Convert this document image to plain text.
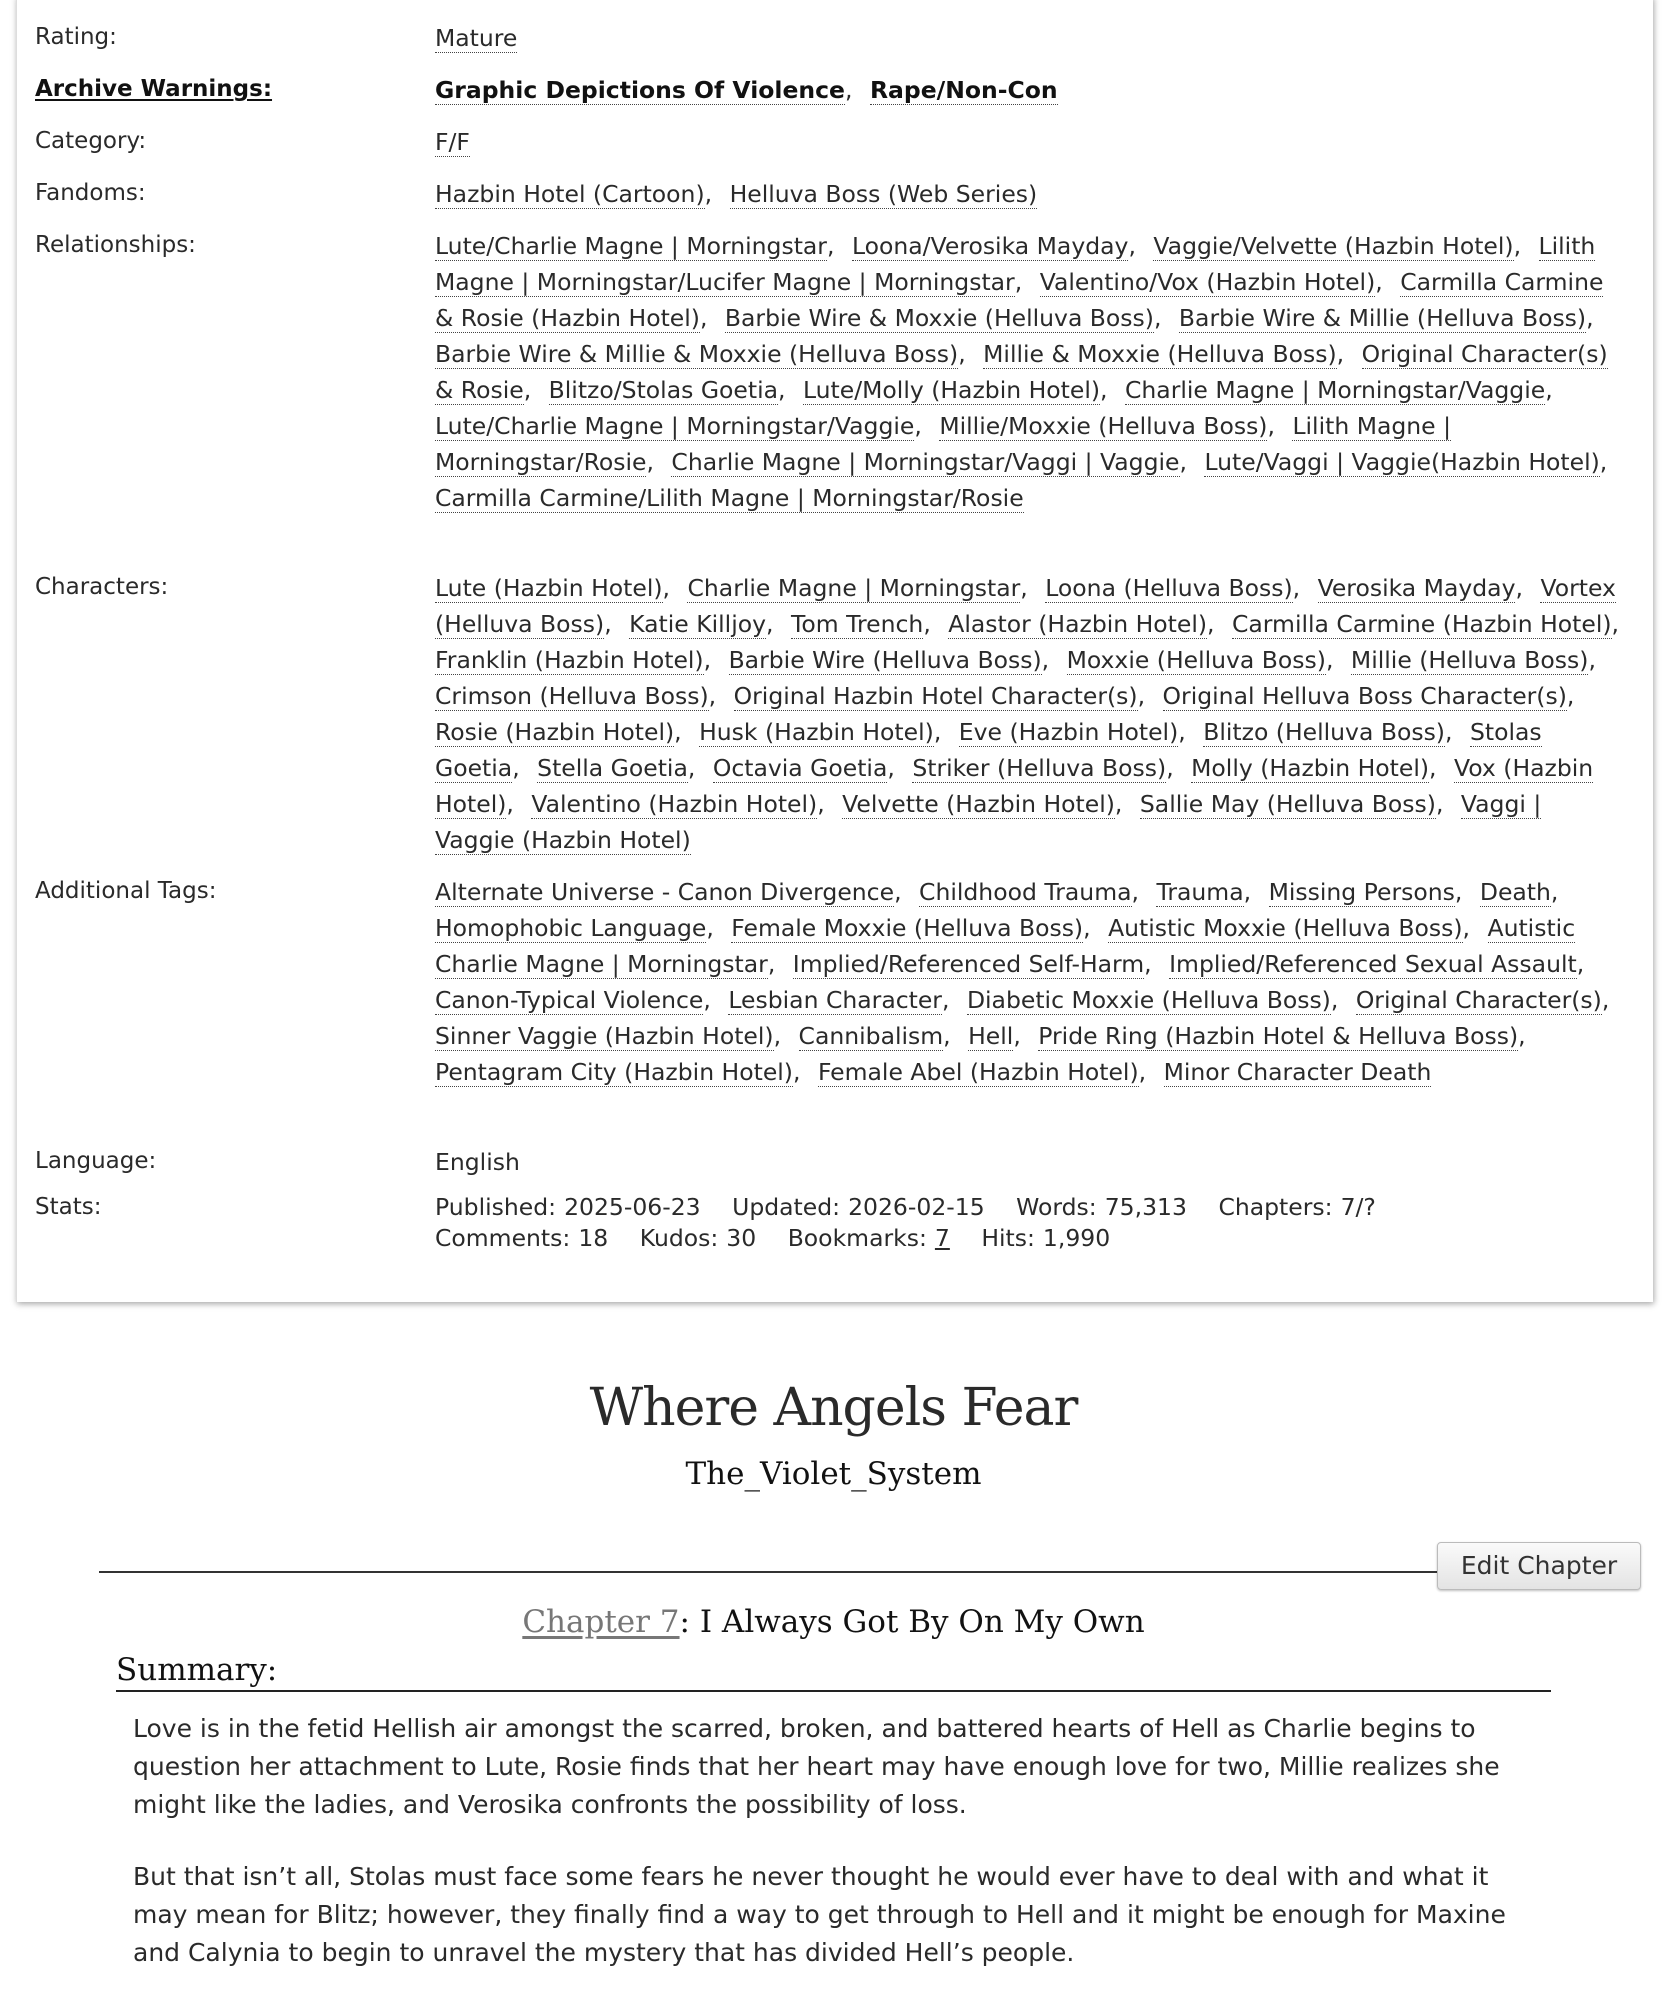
Rating:	Mature
Archive Warnings:	Graphic Depictions Of Violence, Rape/Non-Con
Category:	F/F
Fandoms:	Hazbin Hotel (Cartoon), Helluva Boss (Web Series)
Relationships:	Lute/Charlie Magne | Morningstar, Loona/Verosika Mayday, Vaggie/Velvette (Hazbin Hotel), Lilith Magne | Morningstar/Lucifer Magne | Morningstar, Valentino/Vox (Hazbin Hotel), Carmilla Carmine & Rosie (Hazbin Hotel), Barbie Wire & Moxxie (Helluva Boss), Barbie Wire & Millie (Helluva Boss), Barbie Wire & Millie & Moxxie (Helluva Boss), Millie & Moxxie (Helluva Boss), Original Character(s) & Rosie, Blitzo/Stolas Goetia, Lute/Molly (Hazbin Hotel), Charlie Magne | Morningstar/Vaggie, Lute/Charlie Magne | Morningstar/Vaggie, Millie/Moxxie (Helluva Boss), Lilith Magne | Morningstar/Rosie, Charlie Magne | Morningstar/Vaggi | Vaggie, Lute/Vaggi | Vaggie(Hazbin Hotel), Carmilla Carmine/Lilith Magne | Morningstar/Rosie
Characters:	Lute (Hazbin Hotel), Charlie Magne | Morningstar, Loona (Helluva Boss), Verosika Mayday, Vortex (Helluva Boss), Katie Killjoy, Tom Trench, Alastor (Hazbin Hotel), Carmilla Carmine (Hazbin Hotel), Franklin (Hazbin Hotel), Barbie Wire (Helluva Boss), Moxxie (Helluva Boss), Millie (Helluva Boss), Crimson (Helluva Boss), Original Hazbin Hotel Character(s), Original Helluva Boss Character(s), Rosie (Hazbin Hotel), Husk (Hazbin Hotel), Eve (Hazbin Hotel), Blitzo (Helluva Boss), Stolas Goetia, Stella Goetia, Octavia Goetia, Striker (Helluva Boss), Molly (Hazbin Hotel), Vox (Hazbin Hotel), Valentino (Hazbin Hotel), Velvette (Hazbin Hotel), Sallie May (Helluva Boss), Vaggi | Vaggie (Hazbin Hotel)
Additional Tags:	Alternate Universe - Canon Divergence, Childhood Trauma, Trauma, Missing Persons, Death, Homophobic Language, Female Moxxie (Helluva Boss), Autistic Moxxie (Helluva Boss), Autistic Charlie Magne | Morningstar, Implied/Referenced Self-Harm, Implied/Referenced Sexual Assault, Canon-Typical Violence, Lesbian Character, Diabetic Moxxie (Helluva Boss), Original Character(s), Sinner Vaggie (Hazbin Hotel), Cannibalism, Hell, Pride Ring (Hazbin Hotel & Helluva Boss), Pentagram City (Hazbin Hotel), Female Abel (Hazbin Hotel), Minor Character Death
Language:	English
Stats:	Published: 2025-06-23 Updated: 2026-02-15 Words: 75,313 Chapters: 7/?
Comments: 18 Kudos: 30 Bookmarks: 7 Hits: 1,990
Where Angels Fear
The_Violet_System
Edit Chapter
Chapter 7: I Always Got By On My Own
Summary:

Love is in the fetid Hellish air amongst the scarred, broken, and battered hearts of Hell as Charlie begins to question her attachment to Lute, Rosie finds that her heart may have enough love for two, Millie realizes she might like the ladies, and Verosika confronts the possibility of loss.

But that isn’t all, Stolas must face some fears he never thought he would ever have to deal with and what it may mean for Blitz; however, they finally find a way to get through to Hell and it might be enough for Maxine and Calynia to begin to unravel the mystery that has divided Hell’s people.
